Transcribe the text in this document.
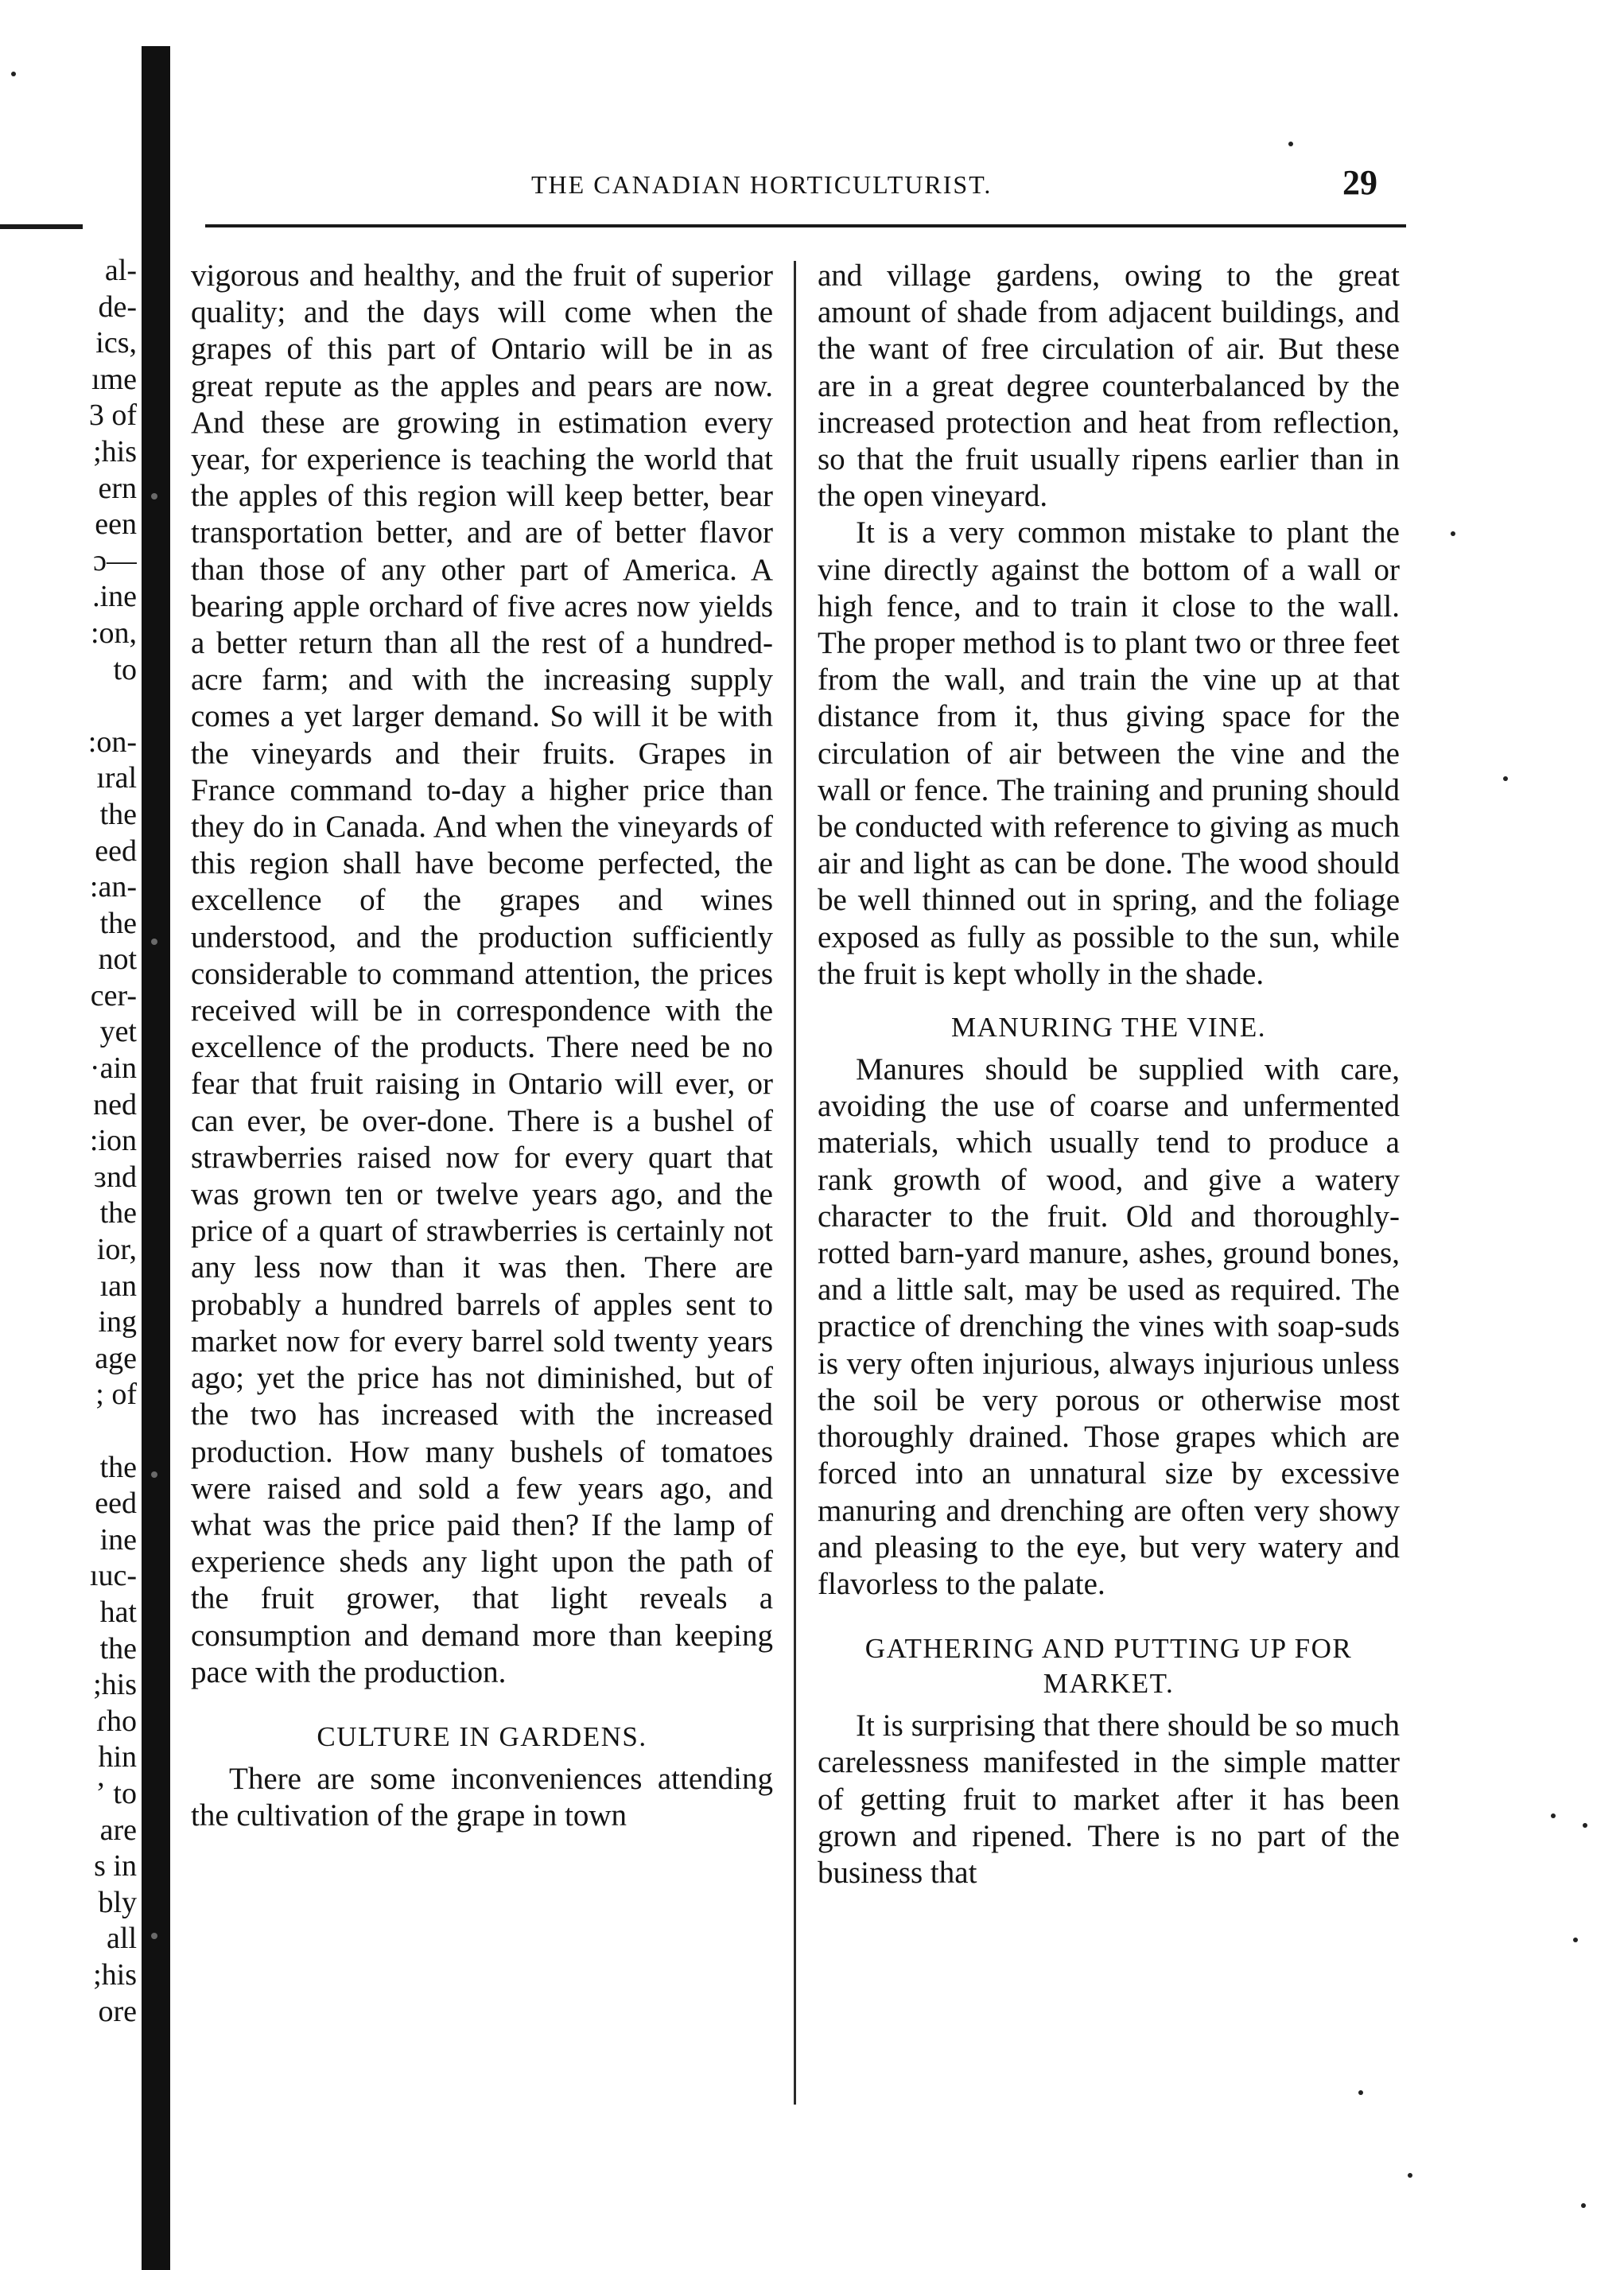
al-
de-
ics,
ıme
3 of
;his
ern
een
ɔ—
.ine
:on,
to
:on-
ıral
the
eed
:an-
the
not
cer-
yet
·ain
ned
:ion
ɜnd
the
ior,
ıan
ing
age
; of
the
eed
ine
ıuc-
hat
the
;his
ɾho
hin
ʼ to
are
s in
bly
all
;his
ore
THE CANADIAN HORTICULTURIST.	29

vigorous and healthy, and the fruit of superior quality; and the days will come when the grapes of this part of Ontario will be in as great repute as the apples and pears are now. And these are growing in estimation every year, for experience is teaching the world that the apples of this region will keep better, bear transportation better, and are of better flavor than those of any other part of America. A bearing apple orchard of five acres now yields a better return than all the rest of a hundred-acre farm; and with the increasing supply comes a yet larger demand. So will it be with the vineyards and their fruits. Grapes in France command to-day a higher price than they do in Canada. And when the vineyards of this region shall have become perfected, the excellence of the grapes and wines understood, and the production sufficiently considerable to command attention, the prices received will be in correspondence with the excellence of the products. There need be no fear that fruit raising in Ontario will ever, or can ever, be over-done. There is a bushel of strawberries raised now for every quart that was grown ten or twelve years ago, and the price of a quart of strawberries is certainly not any less now than it was then. There are probably a hundred barrels of apples sent to market now for every barrel sold twenty years ago; yet the price has not diminished, but of the two has increased with the increased production. How many bushels of tomatoes were raised and sold a few years ago, and what was the price paid then? If the lamp of experience sheds any light upon the path of the fruit grower, that light reveals a consumption and demand more than keeping pace with the production.

CULTURE IN GARDENS.

There are some inconveniences attending the cultivation of the grape in town

and village gardens, owing to the great amount of shade from adjacent buildings, and the want of free circulation of air. But these are in a great degree counterbalanced by the increased protection and heat from reflection, so that the fruit usually ripens earlier than in the open vineyard.

It is a very common mistake to plant the vine directly against the bottom of a wall or high fence, and to train it close to the wall. The proper method is to plant two or three feet from the wall, and train the vine up at that distance from it, thus giving space for the circulation of air between the vine and the wall or fence. The training and pruning should be conducted with reference to giving as much air and light as can be done. The wood should be well thinned out in spring, and the foliage exposed as fully as possible to the sun, while the fruit is kept wholly in the shade.

MANURING THE VINE.

Manures should be supplied with care, avoiding the use of coarse and unfermented materials, which usually tend to produce a rank growth of wood, and give a watery character to the fruit. Old and thoroughly-rotted barn-yard manure, ashes, ground bones, and a little salt, may be used as required. The practice of drenching the vines with soap-suds is very often injurious, always injurious unless the soil be very porous or otherwise most thoroughly drained. Those grapes which are forced into an unnatural size by excessive manuring and drenching are often very showy and pleasing to the eye, but very watery and flavorless to the palate.

GATHERING AND PUTTING UP FOR MARKET.

It is surprising that there should be so much carelessness manifested in the simple matter of getting fruit to market after it has been grown and ripened. There is no part of the business that
